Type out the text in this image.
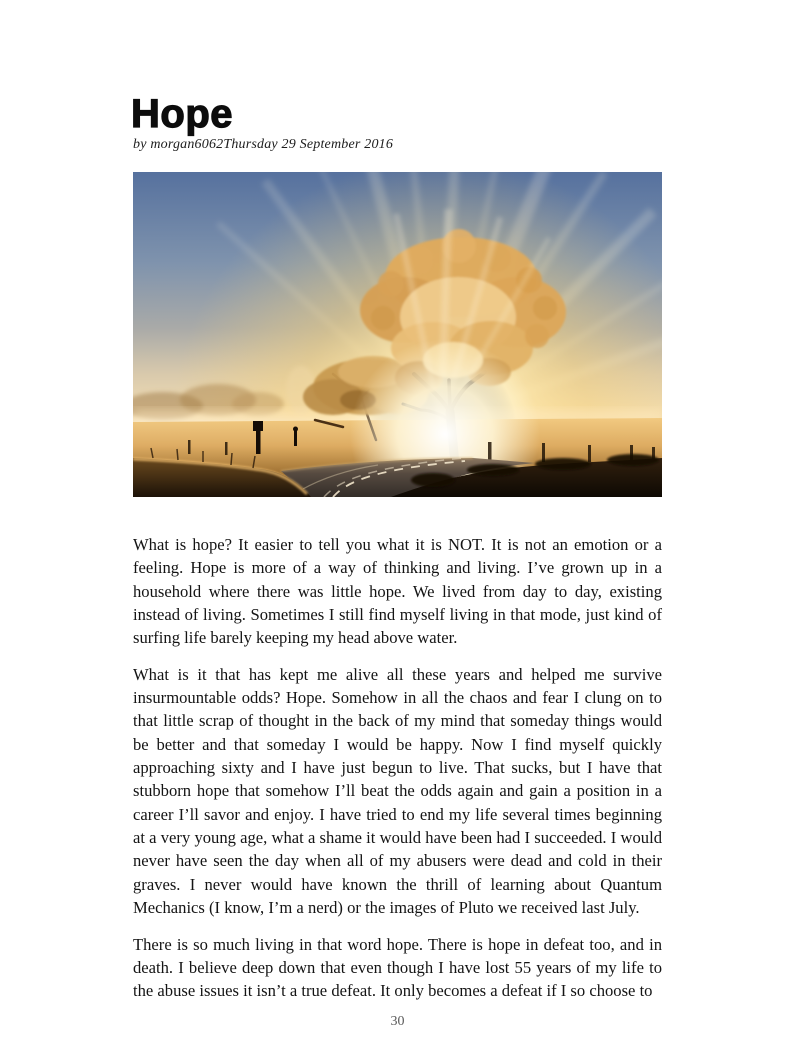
Hope
by morgan6062Thursday 29 September 2016

What is hope? It easier to tell you what it is NOT. It is not an emotion or a feeling. Hope is more of a way of thinking and living. I’ve grown up in a household where there was little hope. We lived from day to day, existing instead of living. Sometimes I still find myself living in that mode, just kind of surfing life barely keeping my head above water.

What is it that has kept me alive all these years and helped me survive insurmountable odds? Hope. Somehow in all the chaos and fear I clung on to that little scrap of thought in the back of my mind that someday things would be better and that someday I would be happy. Now I find myself quickly approaching sixty and I have just begun to live. That sucks, but I have that stubborn hope that somehow I’ll beat the odds again and gain a position in a career I’ll savor and enjoy. I have tried to end my life several times beginning at a very young age, what a shame it would have been had I succeeded. I would never have seen the day when all of my abusers were dead and cold in their graves. I never would have known the thrill of learning about Quantum Mechanics (I know, I’m a nerd) or the images of Pluto we received last July.

There is so much living in that word hope. There is hope in defeat too, and in death. I believe deep down that even though I have lost 55 years of my life to the abuse issues it isn’t a true defeat. It only becomes a defeat if I so choose to

30
